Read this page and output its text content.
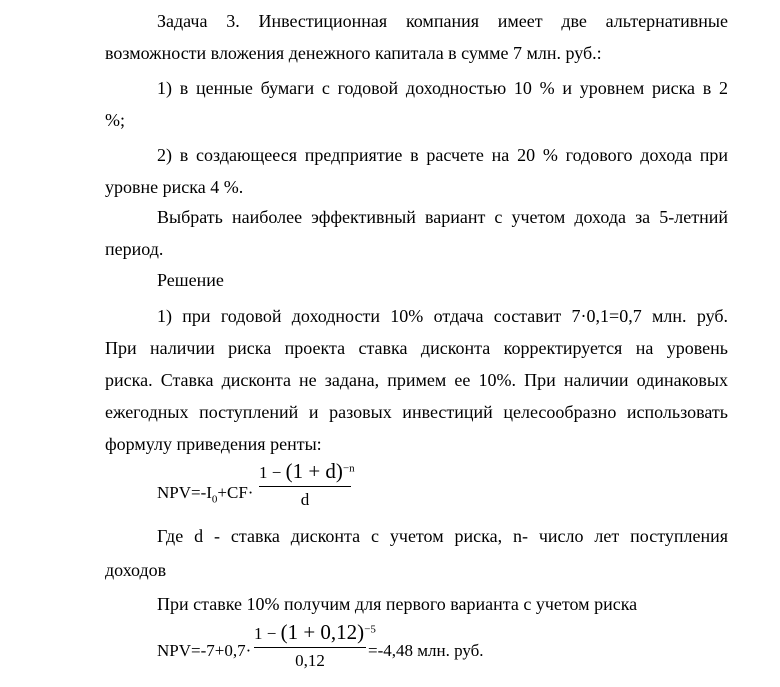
Задача 3. Инвестиционная компания имеет две альтернативные
возможности вложения денежного капитала в сумме 7 млн. руб.:
1) в ценные бумаги с годовой доходностью 10 % и уровнем риска в 2
%;
2) в создающееся предприятие в расчете на 20 % годового дохода при
уровне риска 4 %.
Выбрать наиболее эффективный вариант с учетом дохода за 5-летний
период.
Решение
1) при годовой доходности 10% отдача составит 7·0,1=0,7 млн. руб.
При наличии риска проекта ставка дисконта корректируется на уровень
риска. Ставка дисконта не задана, примем ее 10%. При наличии одинаковых
ежегодных поступлений и разовых инвестиций целесообразно использовать
формулу приведения ренты:
$NPV=-I_0+CF\cdot$
$1 - (1 + d)^{-n}$
d
Где d - ставка дисконта с учетом риска, n- число лет поступления
доходов
При ставке 10% получим для первого варианта с учетом риска
NPV=-7+0,7·
$1 - (1 + 0,12)^{-5}$
0,12
=-4,48 млн. руб.
